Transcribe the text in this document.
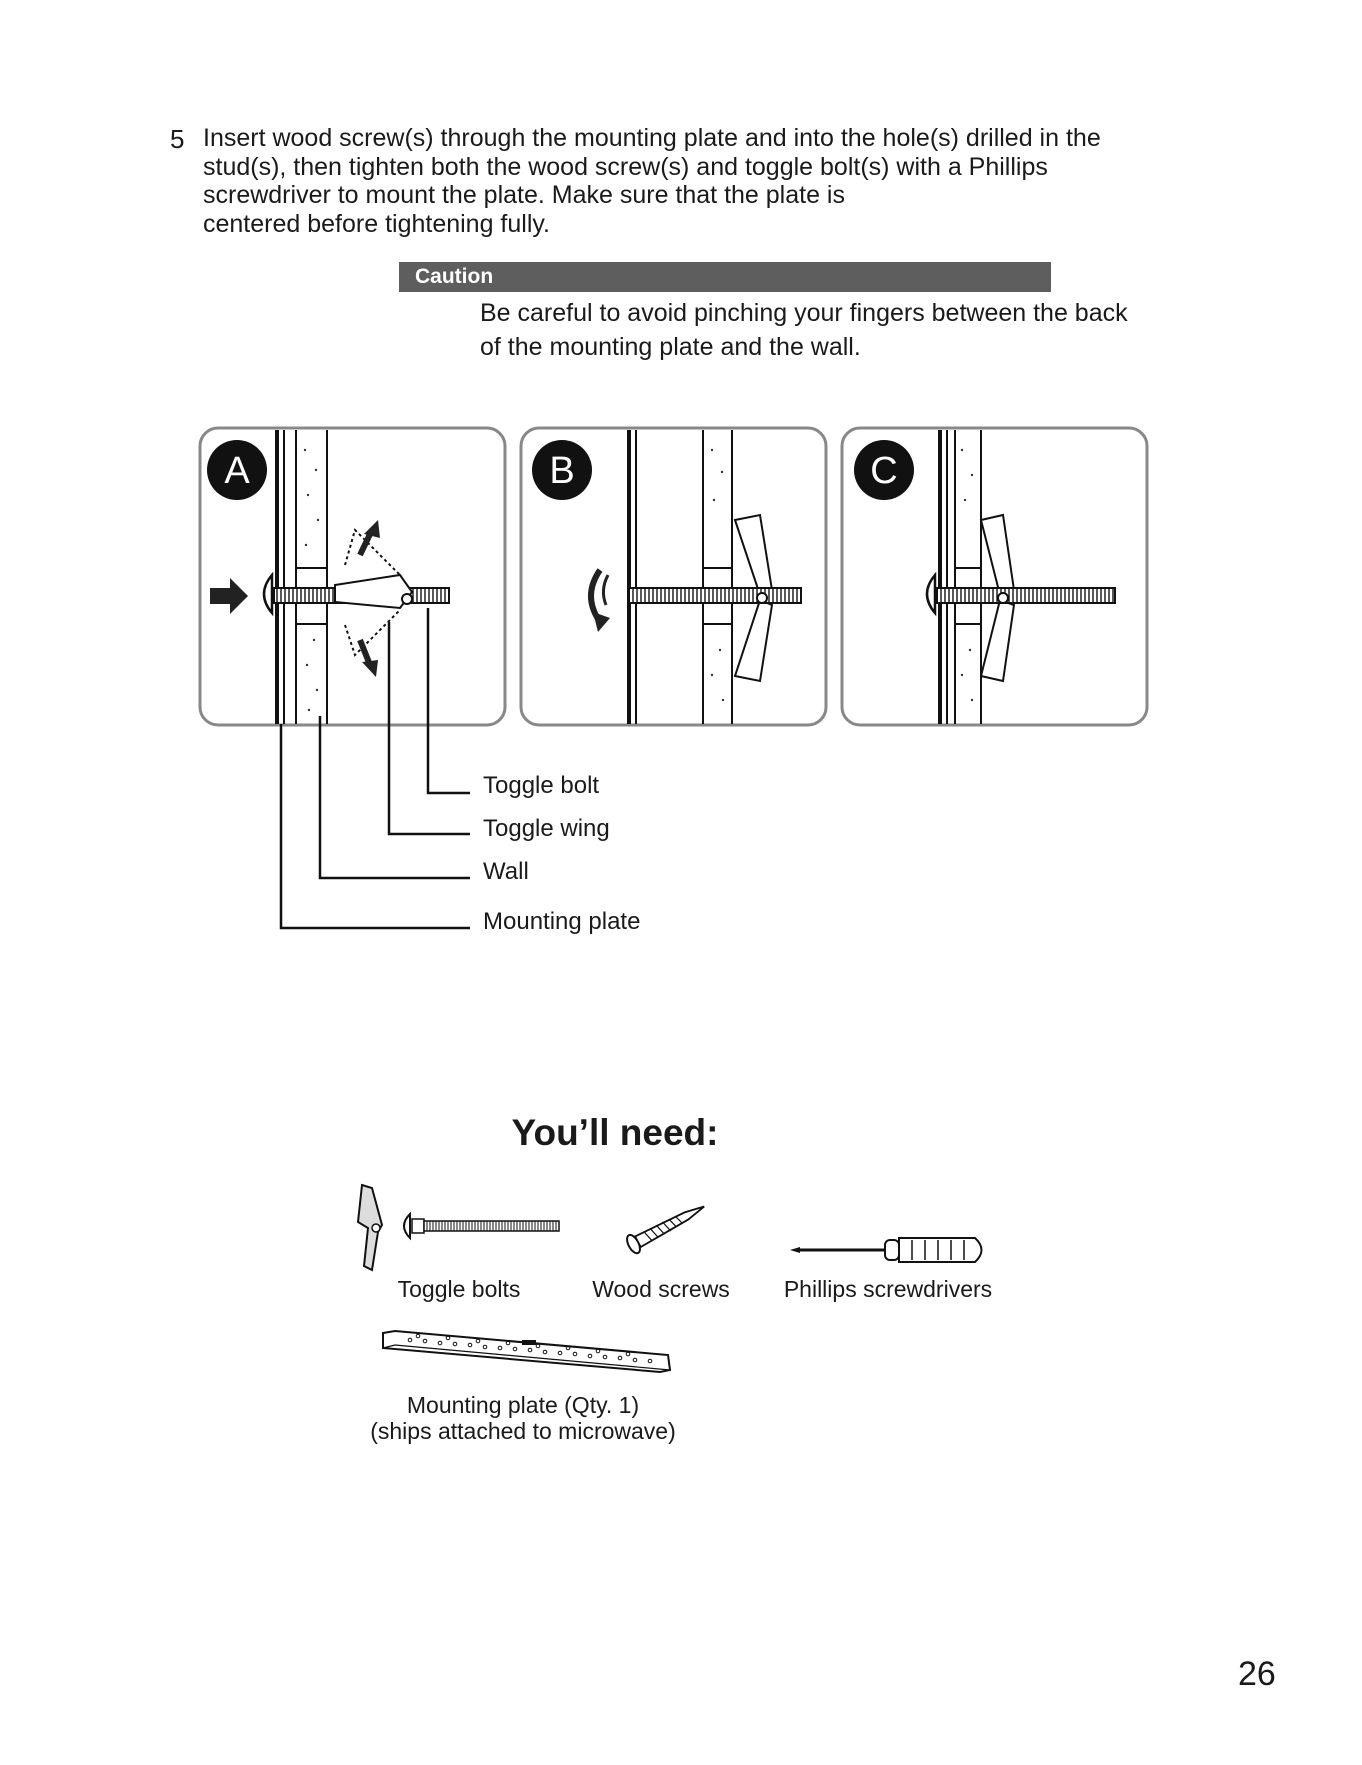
5 Insert wood screw(s) through the mounting plate and into the hole(s) drilled in the
stud(s), then tighten both the wood screw(s) and toggle bolt(s) with a Phillips
screwdriver to mount the plate. Make sure that the plate is
centered before tightening fully.
Caution
Be careful to avoid pinching your fingers between the back
of the mounting plate and the wall.
A	B	C
Toggle bolt
Toggle wing
Wall
Mounting plate
You’ll need:
Toggle bolts	Wood screws	Phillips screwdrivers
Mounting plate (Qty. 1)
(ships attached to microwave)
26
